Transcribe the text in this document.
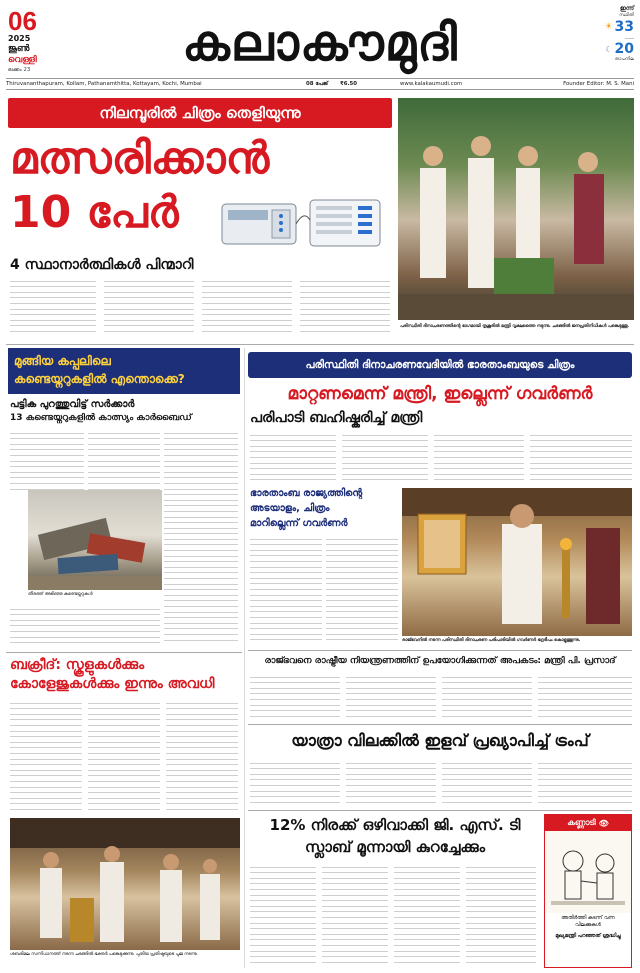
06
2025
ജൂൺ
വെള്ളി
ലക്കം 23	കലാകൗമുദി
ഇന്ന്
സ്ഥിതി
☀ 33
____
☾ 20
താപനില
Thiruvananthapuram, Kollam, Pathanamthitta, Kottayam, Kochi, Mumbai	08 പേജ്	₹6.50	www.kalakaumudi.com	Founder Editor: M. S. Mani
നിലമ്പൂരിൽ ചിത്രം തെളിയുന്നു
മത്സരിക്കാൻ
10 പേർ
4 സ്ഥാനാർത്ഥികൾ പിന്മാറി
പരിസ്ഥിതി ദിനാചരണത്തിന്റെ ഭാഗമായി തൃശൂരിൽ മന്ത്രി വൃക്ഷത്തൈ നടുന്നു. ചടങ്ങിൽ ജനപ്രതിനിധികൾ പങ്കെടുത്തു.
മുങ്ങിയ കപ്പലിലെ
കണ്ടെയ്നറുകളിൽ എന്തൊക്കെ?
പട്ടിക പുറത്തുവിട്ട് സർക്കാർ
13 കണ്ടെയ്നറുകളിൽ കാത്സ്യം കാർബൈഡ്
തീരത്ത് അടിഞ്ഞ കണ്ടെയ്നറുകൾ
ബക്രീദ്: സ്കൂളുകൾക്കും
കോളേജുകൾക്കും ഇന്നും അവധി
ശബരിമല സന്നിധാനത്ത് നടന്ന ചടങ്ങിൽ ഭക്തർ പങ്കെടുക്കുന്നു. പുതിയ പ്രതിഷ്ഠയുടെ പൂജ നടന്നു.
പരിസ്ഥിതി ദിനാചരണവേദിയിൽ ഭാരതാംബയുടെ ചിത്രം
മാറ്റണമെന്ന് മന്ത്രി, ഇല്ലെന്ന് ഗവർണർ
പരിപാടി ബഹിഷ്കരിച്ച് മന്ത്രി
ഭാരതാംബ രാജ്യത്തിന്റെ
അടയാളം, ചിത്രം
മാറില്ലെന്ന് ഗവർണർ
രാജ്ഭവനിൽ നടന്ന പരിസ്ഥിതി ദിനാചരണ പരിപാടിയിൽ ഗവർണർ ഭദ്രദീപം കൊളുത്തുന്നു.
രാജ്ഭവനെ രാഷ്ട്രീയ നിയന്ത്രണത്തിന് ഉപയോഗിക്കുന്നത് അപകടം: മന്ത്രി പി. പ്രസാദ്
യാത്രാ വിലക്കിൽ ഇളവ് പ്രഖ്യാപിച്ച് ട്രംപ്
12% നിരക്ക് ഒഴിവാക്കി ജി. എസ്. ടി
സ്ലാബ് മൂന്നായി കുറച്ചേക്കും
കണ്ണാടി 👁
അതിർത്തി കടന്ന് വന്ന വിലക്കുകൾ
മുഖ്യമന്ത്രി പറഞ്ഞത് ശ്രദ്ധിച്ചു
